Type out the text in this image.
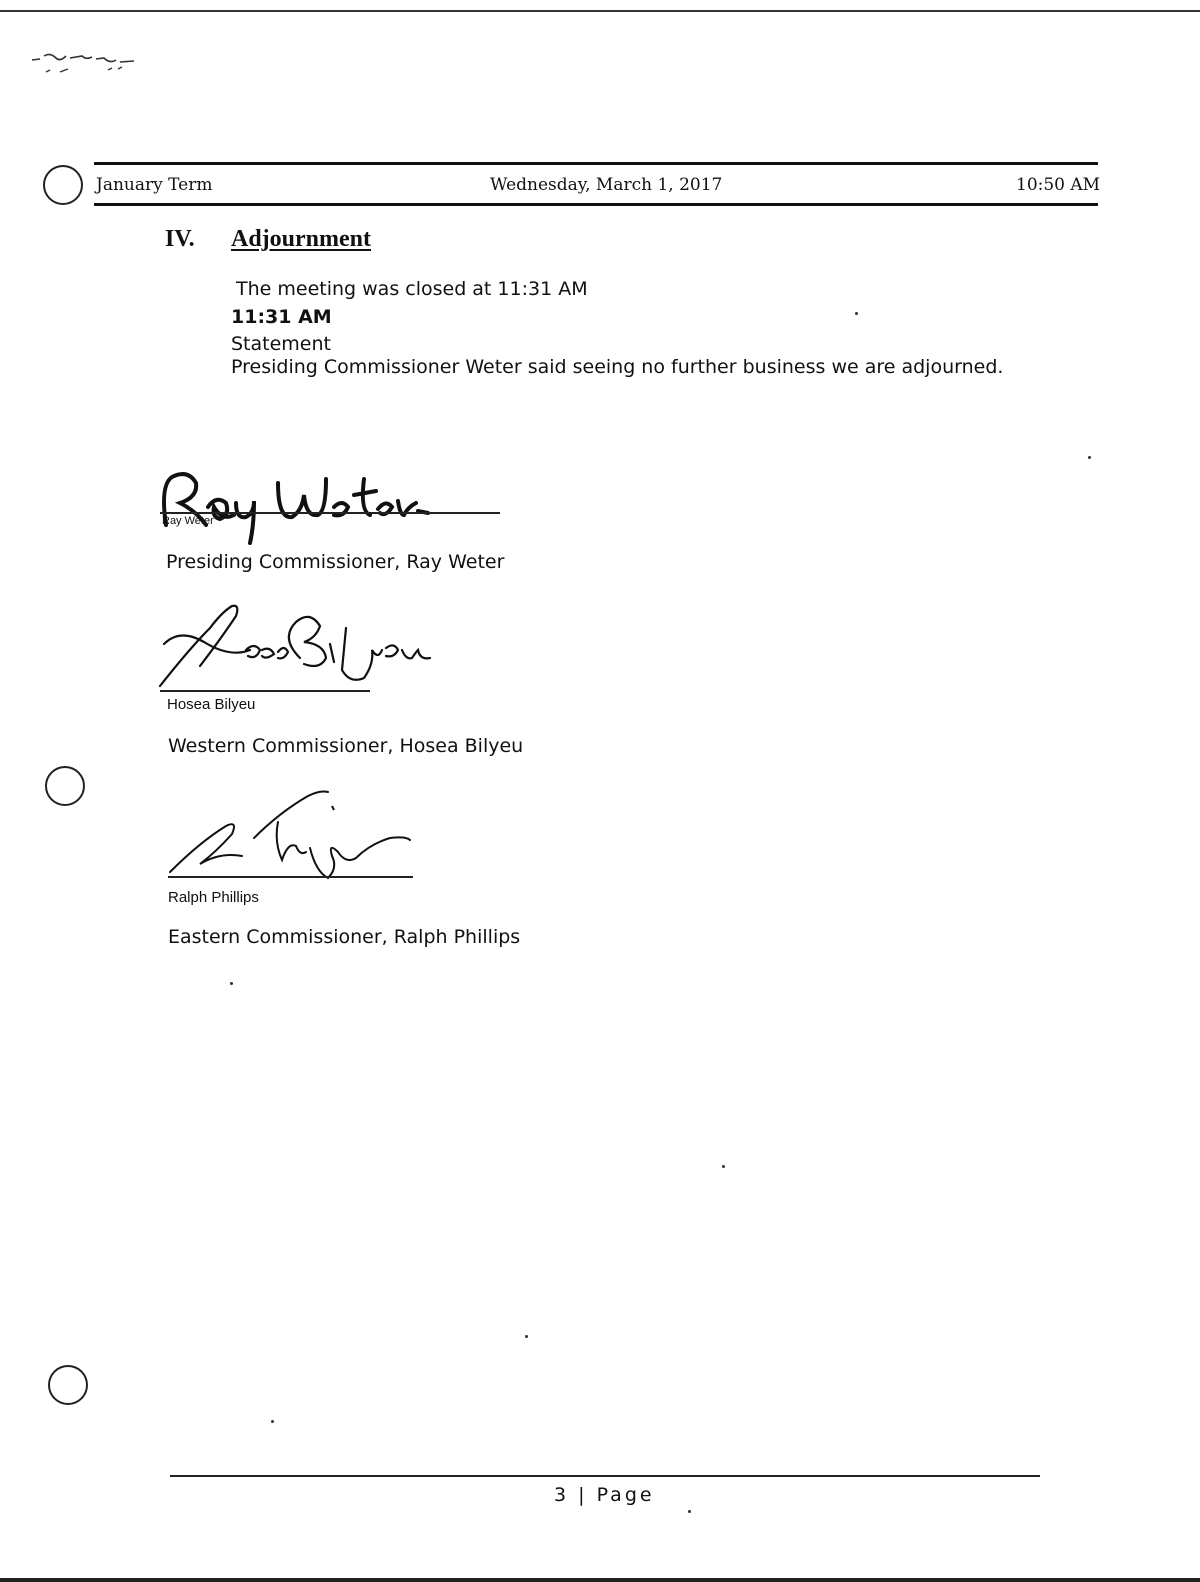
January Term	Wednesday, March 1, 2017	10:50 AM
IV. Adjournment
The meeting was closed at 11:31 AM
11:31 AM
Statement
Presiding Commissioner Weter said seeing no further business we are adjourned.
Ray Weter
Presiding Commissioner, Ray Weter
Hosea Bilyeu
Western Commissioner, Hosea Bilyeu
Ralph Phillips
Eastern Commissioner, Ralph Phillips
3 | Page
